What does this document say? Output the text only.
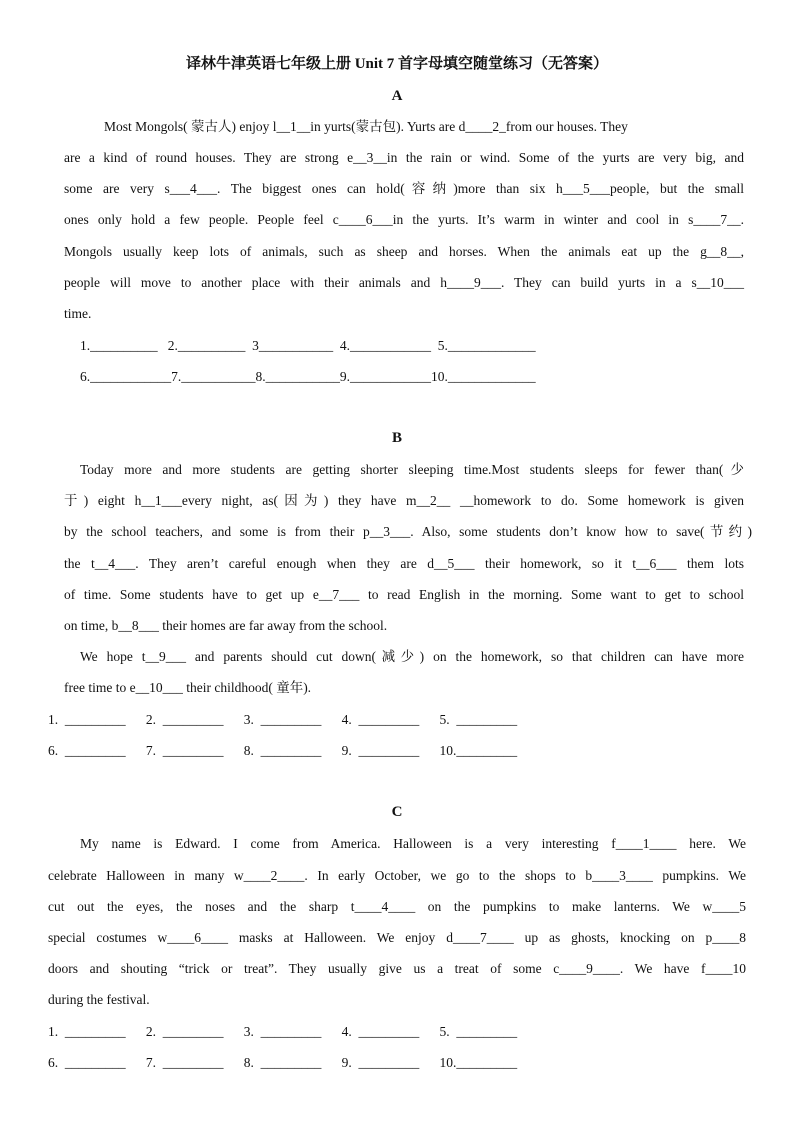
译林牛津英语七年级上册 Unit 7 首字母填空随堂练习（无答案）
A
Most Mongols( 蒙古人) enjoy l__1__in yurts(蒙古包). Yurts are d____2_from our houses. They
are a kind of round houses. They are strong e__3__in the rain or wind. Some of the yurts are very big, and
some are very s___4___. The biggest ones can hold(容纳)more than six h___5___people, but the small
ones only hold a few people. People feel c____6___in the yurts. It’s warm in winter and cool in s____7__.
Mongols usually keep lots of animals, such as sheep and horses. When the animals eat up the g__8__,
people will move to another place with their animals and h____9___. They can build yurts in a s__10___
time.
1.__________   2.__________  3___________  4.____________  5._____________
6.____________7.___________8.___________9.____________10._____________
B
Today more and more students are getting shorter sleeping time.Most students sleeps for fewer than(少
于) eight h__1___every night, as(因为) they have m__2__ __homework to do. Some homework is given
by the school teachers, and some is from their p__3___. Also, some students don’t know how to save(节约)
the t__4___. They aren’t careful enough when they are d__5___ their homework, so it t__6___ them lots
of time. Some students have to get up e__7___ to read English in the morning. Some want to get to school
on time, b__8___ their homes are far away from the school.
We hope t__9___ and parents should cut down(减少) on the homework, so that children can have more
free time to e__10___ their childhood( 童年).
1.  _________      2.  _________      3.  _________      4.  _________      5.  _________
6.  _________      7.  _________      8.  _________      9.  _________      10._________
C
My name is Edward. I come from America. Halloween is a very interesting f____1____ here. We
celebrate Halloween in many w____2____. In early October, we go to the shops to b____3____ pumpkins. We
cut out the eyes, the noses and the sharp t____4____ on the pumpkins to make lanterns. We w____5
special costumes w____6____ masks at Halloween. We enjoy d____7____ up as ghosts, knocking on p____8
doors and shouting “trick or treat”. They usually give us a treat of some c____9____. We have f____10
during the festival.
1.  _________      2.  _________      3.  _________      4.  _________      5.  _________
6.  _________      7.  _________      8.  _________      9.  _________      10._________
